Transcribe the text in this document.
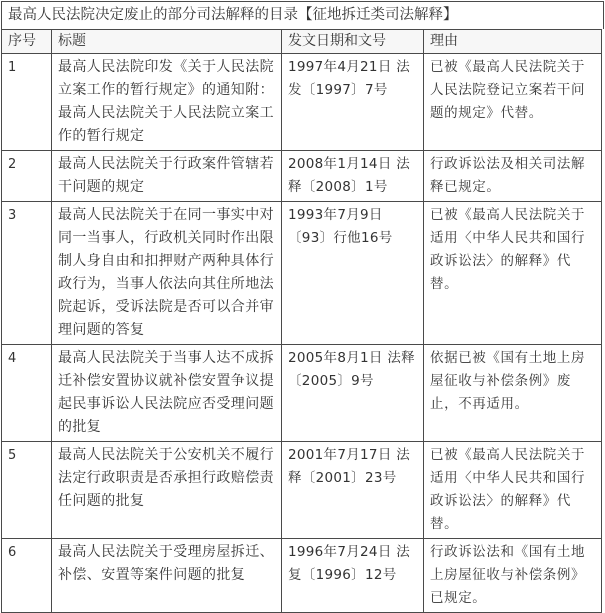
最高人民法院决定废止的部分司法解释的目录【征地拆迁类司法解释】
序号	标题	发文日期和文号	理由
1	最高人民法院印发《关于人民法院立案工作的暂行规定》的通知附：最高人民法院关于人民法院立案工作的暂行规定	1997年4月21日 法发〔1997〕7号	已被《最高人民法院关于人民法院登记立案若干问题的规定》代替。
2	最高人民法院关于行政案件管辖若干问题的规定	2008年1月14日 法释〔2008〕1号	行政诉讼法及相关司法解释已规定。
3	最高人民法院关于在同一事实中对同一当事人，行政机关同时作出限制人身自由和扣押财产两种具体行政行为，当事人依法向其住所地法院起诉，受诉法院是否可以合并审理问题的答复	1993年7月9日 〔93〕行他16号	已被《最高人民法院关于适用〈中华人民共和国行政诉讼法〉的解释》代替。
4	最高人民法院关于当事人达不成拆迁补偿安置协议就补偿安置争议提起民事诉讼人民法院应否受理问题的批复	2005年8月1日 法释〔2005〕9号	依据已被《国有土地上房屋征收与补偿条例》废止，不再适用。
5	最高人民法院关于公安机关不履行法定行政职责是否承担行政赔偿责任问题的批复	2001年7月17日 法释〔2001〕23号	已被《最高人民法院关于适用〈中华人民共和国行政诉讼法〉的解释》代替。
6	最高人民法院关于受理房屋拆迁、补偿、安置等案件问题的批复	1996年7月24日 法复〔1996〕12号	行政诉讼法和《国有土地上房屋征收与补偿条例》已规定。
